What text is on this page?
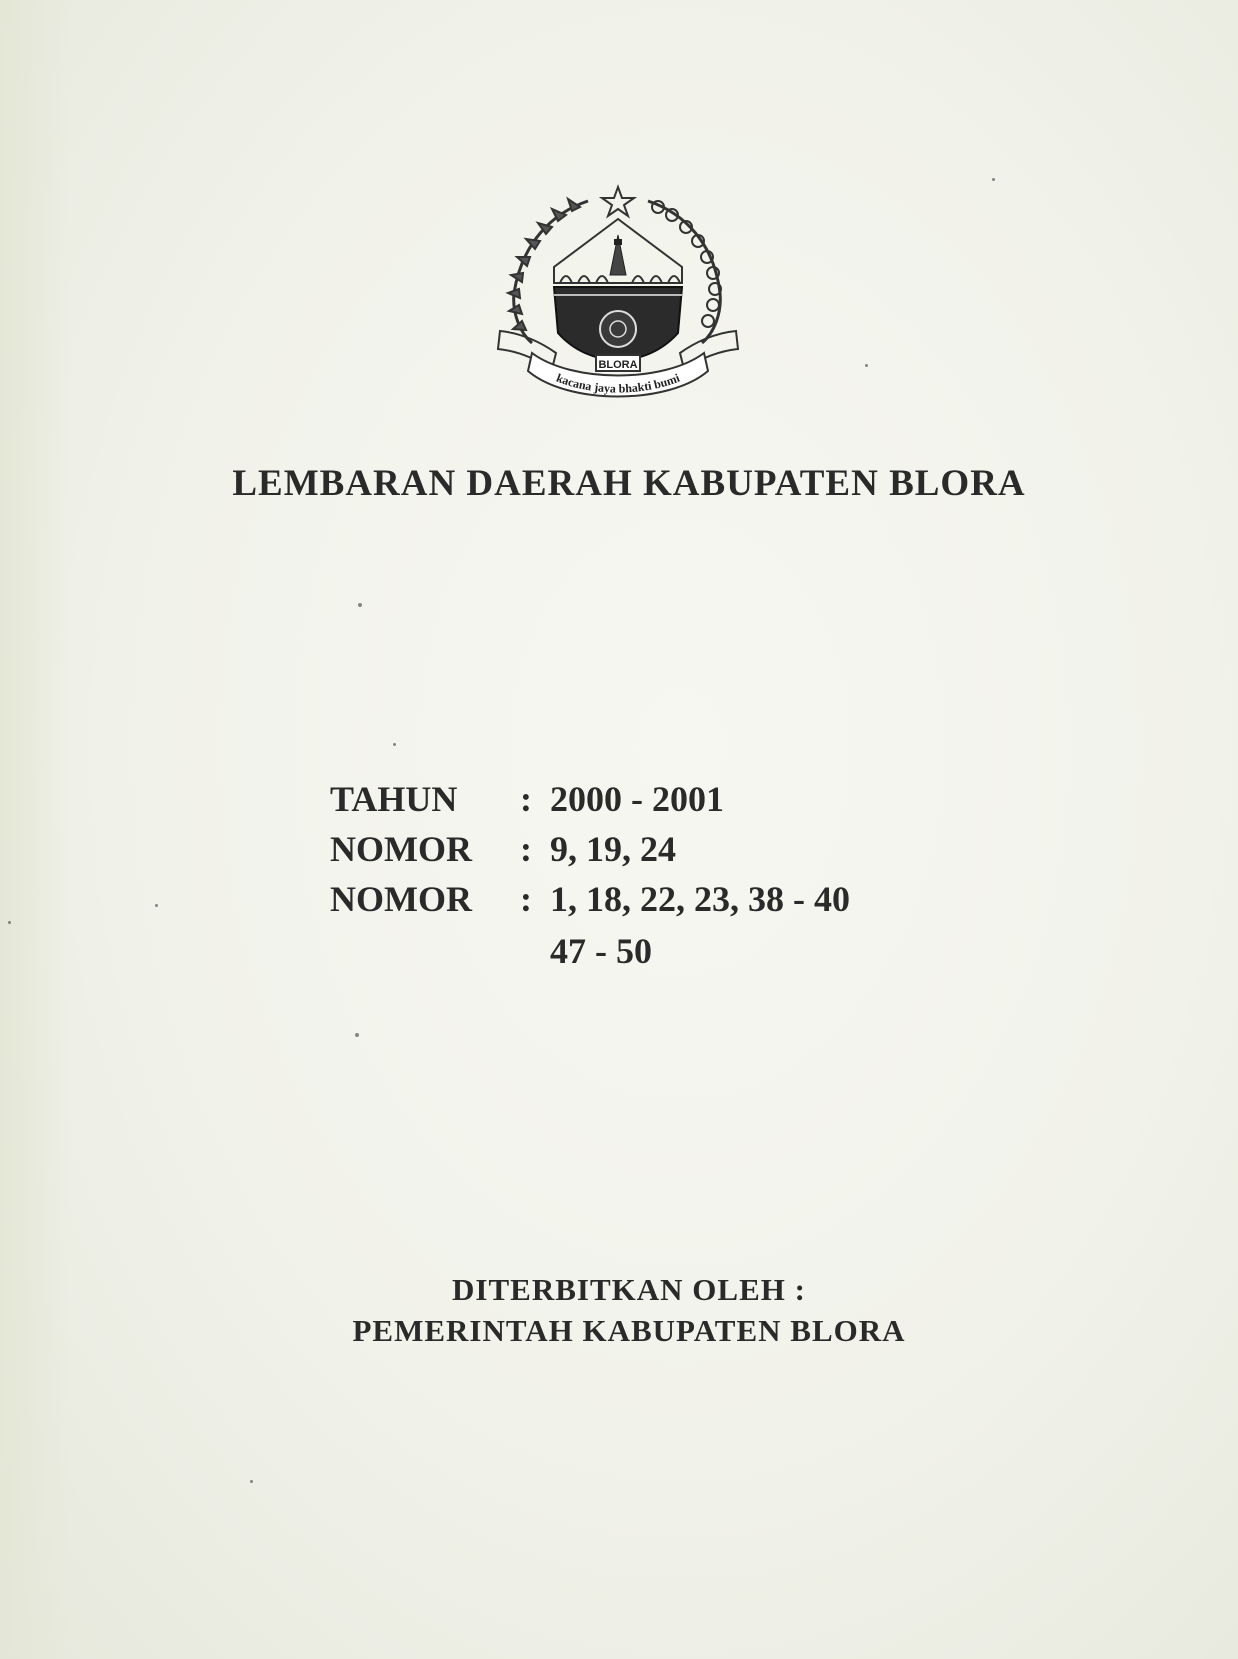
BLORA
kacana jaya bhakti bumi
LEMBARAN DAERAH KABUPATEN BLORA
TAHUN : 2000 - 2001
NOMOR : 9, 19, 24
NOMOR : 1, 18, 22, 23, 38 - 40
47 - 50
DITERBITKAN OLEH :
PEMERINTAH KABUPATEN BLORA
